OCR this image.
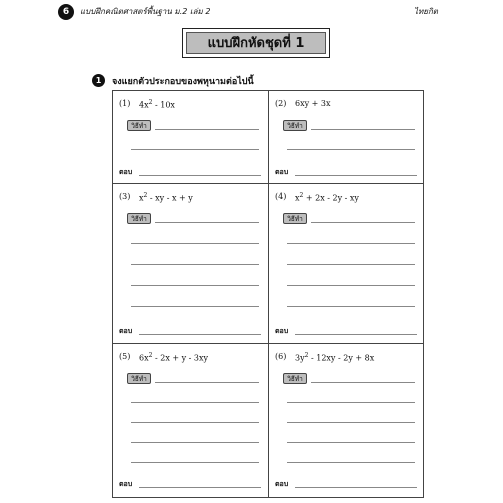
6	แบบฝึกคณิตศาสตร์พื้นฐาน ม.2 เล่ม 2	ไทยกิต
แบบฝึกหัดชุดที่ 1
1	จงแยกตัวประกอบของพหุนามต่อไปนี้
(1) $4x^2 - 10x$
วิธีทำ
ตอบ
(2) 6xy + 3x
วิธีทำ
ตอบ
(3) $x^2$ - xy - x + y
วิธีทำ
ตอบ
(4) $x^2 + 2x - 2y$ - xy
วิธีทำ
ตอบ
(5) $6x^2 - 2x + y - 3xy$
วิธีทำ
ตอบ
(6) $3y^2 - 12xy - 2y + 8x$
วิธีทำ
ตอบ
